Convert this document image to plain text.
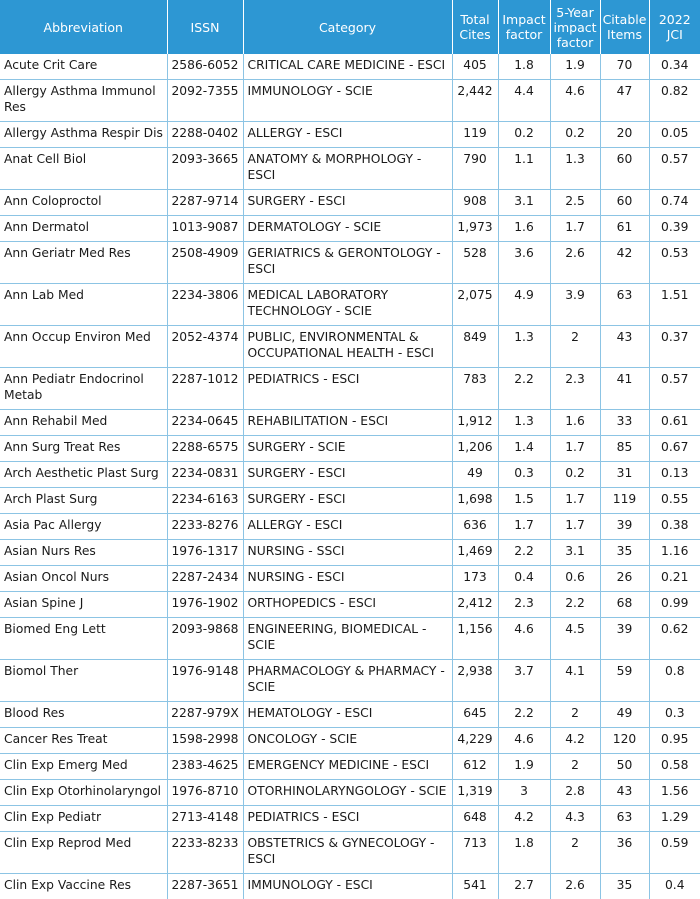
Abbreviation	ISSN	Category	Total Cites	Impact factor	5-Year impact factor	Citable Items	2022 JCI
Acute Crit Care	2586-6052	CRITICAL CARE MEDICINE - ESCI	405	1.8	1.9	70	0.34
Allergy Asthma Immunol Res	2092-7355	IMMUNOLOGY - SCIE	2,442	4.4	4.6	47	0.82
Allergy Asthma Respir Dis	2288-0402	ALLERGY - ESCI	119	0.2	0.2	20	0.05
Anat Cell Biol	2093-3665	ANATOMY & MORPHOLOGY - ESCI	790	1.1	1.3	60	0.57
Ann Coloproctol	2287-9714	SURGERY - ESCI	908	3.1	2.5	60	0.74
Ann Dermatol	1013-9087	DERMATOLOGY - SCIE	1,973	1.6	1.7	61	0.39
Ann Geriatr Med Res	2508-4909	GERIATRICS & GERONTOLOGY - ESCI	528	3.6	2.6	42	0.53
Ann Lab Med	2234-3806	MEDICAL LABORATORY TECHNOLOGY - SCIE	2,075	4.9	3.9	63	1.51
Ann Occup Environ Med	2052-4374	PUBLIC, ENVIRONMENTAL & OCCUPATIONAL HEALTH - ESCI	849	1.3	2	43	0.37
Ann Pediatr Endocrinol Metab	2287-1012	PEDIATRICS - ESCI	783	2.2	2.3	41	0.57
Ann Rehabil Med	2234-0645	REHABILITATION - ESCI	1,912	1.3	1.6	33	0.61
Ann Surg Treat Res	2288-6575	SURGERY - SCIE	1,206	1.4	1.7	85	0.67
Arch Aesthetic Plast Surg	2234-0831	SURGERY - ESCI	49	0.3	0.2	31	0.13
Arch Plast Surg	2234-6163	SURGERY - ESCI	1,698	1.5	1.7	119	0.55
Asia Pac Allergy	2233-8276	ALLERGY - ESCI	636	1.7	1.7	39	0.38
Asian Nurs Res	1976-1317	NURSING - SSCI	1,469	2.2	3.1	35	1.16
Asian Oncol Nurs	2287-2434	NURSING - ESCI	173	0.4	0.6	26	0.21
Asian Spine J	1976-1902	ORTHOPEDICS - ESCI	2,412	2.3	2.2	68	0.99
Biomed Eng Lett	2093-9868	ENGINEERING, BIOMEDICAL - SCIE	1,156	4.6	4.5	39	0.62
Biomol Ther	1976-9148	PHARMACOLOGY & PHARMACY - SCIE	2,938	3.7	4.1	59	0.8
Blood Res	2287-979X	HEMATOLOGY - ESCI	645	2.2	2	49	0.3
Cancer Res Treat	1598-2998	ONCOLOGY - SCIE	4,229	4.6	4.2	120	0.95
Clin Exp Emerg Med	2383-4625	EMERGENCY MEDICINE - ESCI	612	1.9	2	50	0.58
Clin Exp Otorhinolaryngol	1976-8710	OTORHINOLARYNGOLOGY - SCIE	1,319	3	2.8	43	1.56
Clin Exp Pediatr	2713-4148	PEDIATRICS - ESCI	648	4.2	4.3	63	1.29
Clin Exp Reprod Med	2233-8233	OBSTETRICS & GYNECOLOGY - ESCI	713	1.8	2	36	0.59
Clin Exp Vaccine Res	2287-3651	IMMUNOLOGY - ESCI	541	2.7	2.6	35	0.4
